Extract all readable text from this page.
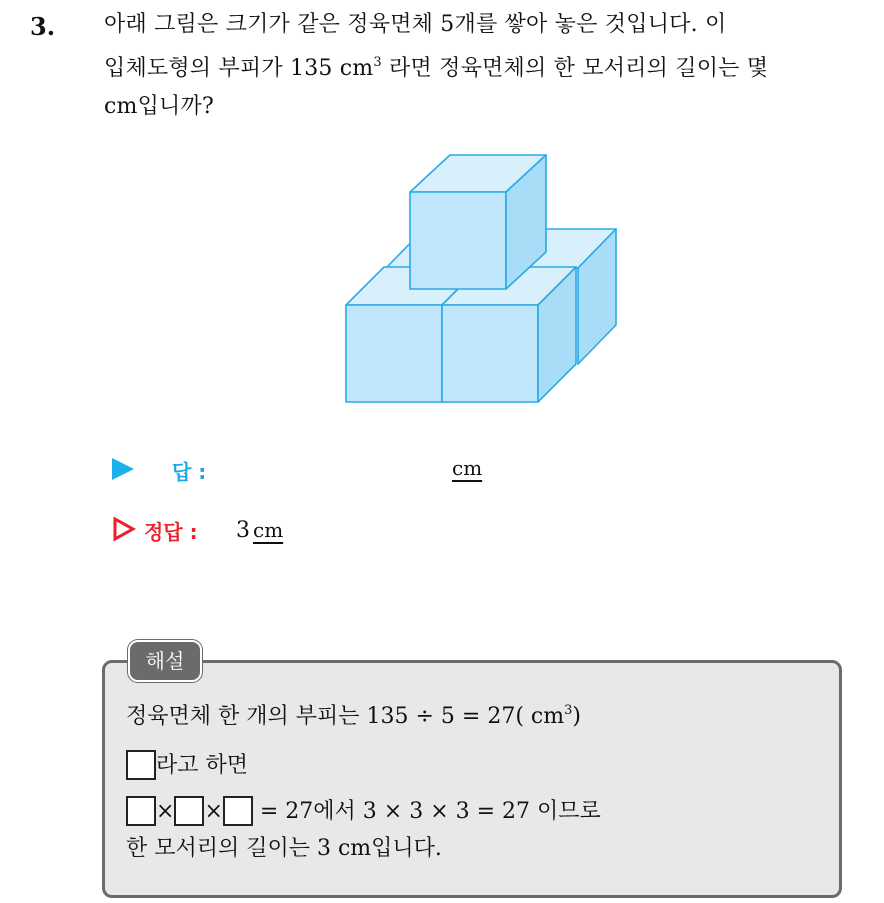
3. 아래 그림은 크기가 같은 정육면체 5개를 쌓아 놓은 것입니다. 이
입체도형의 부피가 135 $cm^3$ 라면 정육면체의 한 모서리의 길이는 몇
cm입니까?
답 :	cm
정답 : 3 cm
해설
정육면체 한 개의 부피는 135 ÷ 5 = 27( $cm^3$)
라고 하면
× × = 27에서 3 × 3 × 3 = 27 이므로
한 모서리의 길이는 3 cm입니다.
